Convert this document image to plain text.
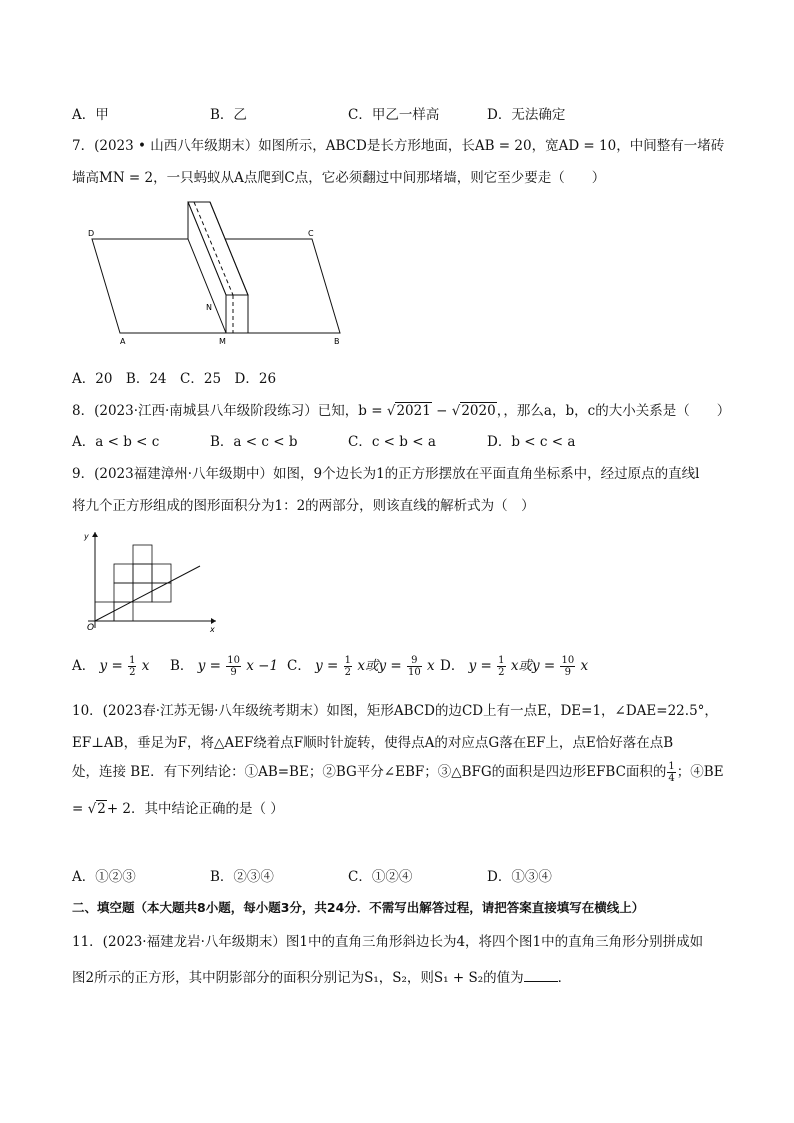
A．甲	B．乙	C．甲乙一样高	D．无法确定
7．(2023 • 山西八年级期末）如图所示，ABCD是长方形地面，长AB = 20，宽AD = 10，中间整有一堵砖
墙高MN = 2，一只蚂蚁从A点爬到C点，它必须翻过中间那堵墙，则它至少要走（　　）
D	C
N
A	M	B
A．20　B．24　C．25　D．26
8．(2023·江西·南城县八年级阶段练习）已知，b = √2021 − √2020，，那么a，b，c的大小关系是（　　）
A．a < b < c	B．a < c < b	C．c < b < a	D．b < c < a
9．(2023福建漳州·八年级期中）如图，9个边长为1的正方形摆放在平面直角坐标系中，经过原点的直线l
将九个正方形组成的图形面积分为1：2的两部分，则该直线的解析式为（　）
y
x
O
A． $y = \frac{1}{2}$ x B． $y = \frac{10}{9}$ x −1 C． $y = \frac{1}{2}$ x或$y = \frac{9}{10}$ x D． $y = \frac{1}{2}$ x或$y = \frac{10}{9}$ x
10．(2023春·江苏无锡·八年级统考期末）如图，矩形ABCD的边CD上有一点E，DE=1，∠DAE=22.5°，
EF⊥AB，垂足为F，将△AEF绕着点F顺时针旋转，使得点A的对应点G落在EF上，点E恰好落在点B
处，连接 BE．有下列结论：①AB=BE；②BG平分∠EBF；③△BFG的面积是四边形EFBC面积的 $\frac{1}{4}$ ；④BE
= √2+ 2．其中结论正确的是（ ）
A．①②③	B．②③④	C．①②④	D．①③④
二、填空题（本大题共8小题，每小题3分，共24分．不需写出解答过程，请把答案直接填写在横线上）
11．(2023·福建龙岩·八年级期末）图1中的直角三角形斜边长为4，将四个图1中的直角三角形分别拼成如
图2所示的正方形，其中阴影部分的面积分别记为S₁，S₂，则S₁ + S₂的值为	．
